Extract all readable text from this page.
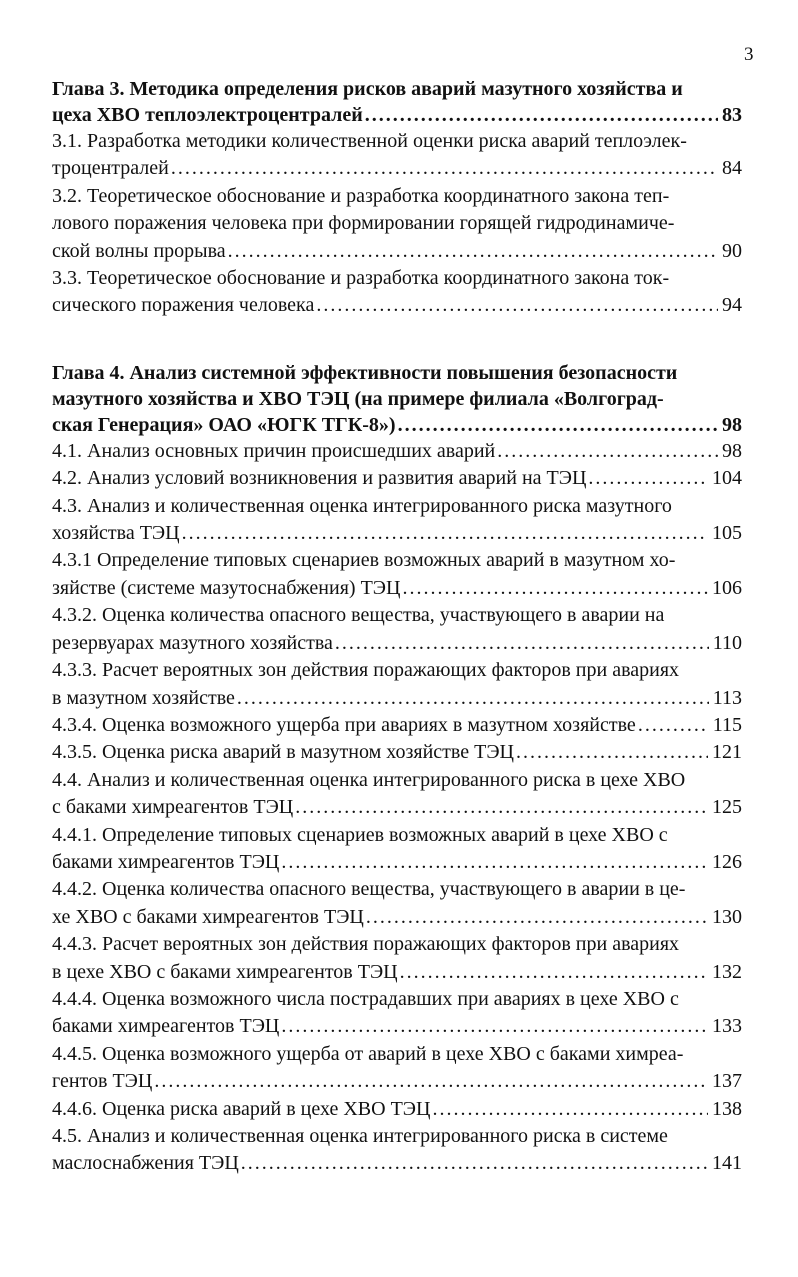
3
Глава 3. Методика определения рисков аварий мазутного хозяйства и
цеха ХВО теплоэлектроцентралей .....	83
3.1. Разработка методики количественной оценки риска аварий теплоэлек-
троцентралей .....	84
3.2. Теоретическое обоснование и разработка координатного закона теп-
лового поражения человека при формировании горящей гидродинамиче-
ской волны прорыва .....	90
3.3. Теоретическое обоснование и разработка координатного закона ток-
сического поражения человека .....	94
Глава 4. Анализ системной эффективности повышения безопасности
мазутного хозяйства и ХВО ТЭЦ (на примере филиала «Волгоград-
ская Генерация» ОАО «ЮГК ТГК-8») .....	98
4.1. Анализ основных причин происшедших аварий .....	98
4.2. Анализ условий возникновения и развития аварий на ТЭЦ .....	104
4.3. Анализ и количественная оценка интегрированного риска мазутного
хозяйства ТЭЦ .....	105
4.3.1 Определение типовых сценариев возможных аварий в мазутном хо-
зяйстве (системе мазутоснабжения) ТЭЦ .....	106
4.3.2. Оценка количества опасного вещества, участвующего в аварии на
резервуарах мазутного хозяйства .....	110
4.3.3. Расчет вероятных зон действия поражающих факторов при авариях
в мазутном хозяйстве .....	113
4.3.4. Оценка возможного ущерба при авариях в мазутном хозяйстве .....	115
4.3.5. Оценка риска аварий в мазутном хозяйстве ТЭЦ .....	121
4.4. Анализ и количественная оценка интегрированного риска в цехе ХВО
с баками химреагентов ТЭЦ .....	125
4.4.1. Определение типовых сценариев возможных аварий в цехе ХВО с
баками химреагентов ТЭЦ .....	126
4.4.2. Оценка количества опасного вещества, участвующего в аварии в це-
хе ХВО с баками химреагентов ТЭЦ .....	130
4.4.3. Расчет вероятных зон действия поражающих факторов при авариях
в цехе ХВО с баками химреагентов ТЭЦ .....	132
4.4.4. Оценка возможного числа пострадавших при авариях в цехе ХВО с
баками химреагентов ТЭЦ .....	133
4.4.5. Оценка возможного ущерба от аварий в цехе ХВО с баками химреа-
гентов ТЭЦ .....	137
4.4.6. Оценка риска аварий в цехе ХВО ТЭЦ .....	138
4.5. Анализ и количественная оценка интегрированного риска в системе
маслоснабжения ТЭЦ .....	141
